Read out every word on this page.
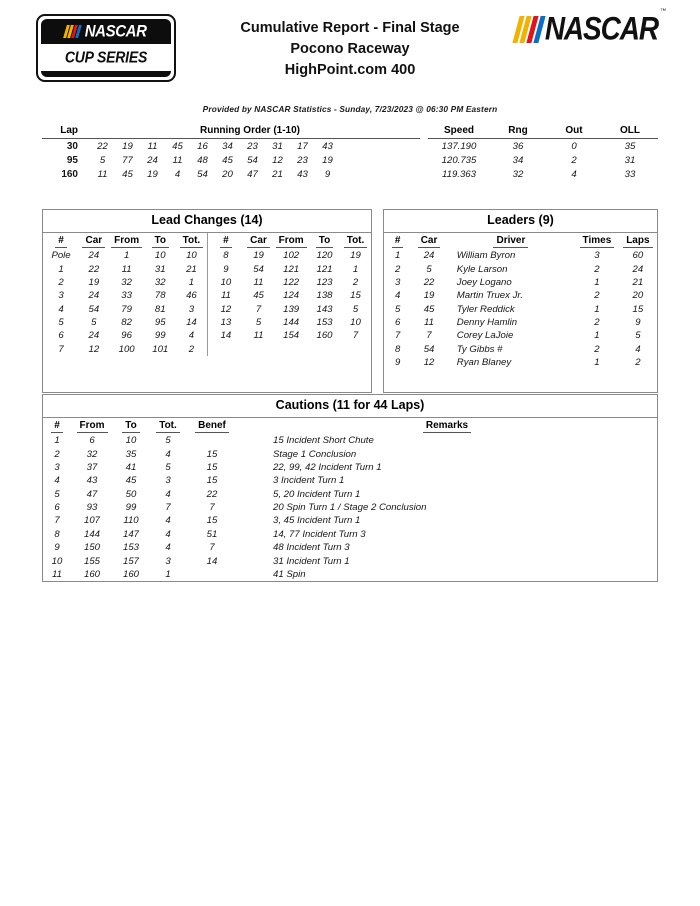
NASCAR
CUP SERIES
Cumulative Report - Final Stage
Pocono Raceway
HighPoint.com 400
NASCAR ™
Provided by NASCAR Statistics - Sunday, 7/23/2023 @ 06:30 PM Eastern
Lap	Running Order (1-10)		Speed	Rng	Out	OLL
30	22 19 11 45 16 34 23 31 17 43		137.190	36	0	35
95	5 77 24 11 48 45 54 12 23 19		120.735	34	2	31
160	11 45 19 4 54 20 47 21 43 9		119.363	32	4	33
Lead Changes (14)
#	Car	From	To	Tot.
Pole	24	1	10	10
1	22	11	31	21
2	19	32	32	1
3	24	33	78	46
4	54	79	81	3
5	5	82	95	14
6	24	96	99	4
7	12	100	101	2
#	Car	From	To	Tot.
8	19	102	120	19
9	54	121	121	1
10	11	122	123	2
11	45	124	138	15
12	7	139	143	5
13	5	144	153	10
14	11	154	160	7
Leaders (9)
#	Car	Driver	Times	Laps
1	24	William Byron	3	60
2	5	Kyle Larson	2	24
3	22	Joey Logano	1	21
4	19	Martin Truex Jr.	2	20
5	45	Tyler Reddick	1	15
6	11	Denny Hamlin	2	9
7	7	Corey LaJoie	1	5
8	54	Ty Gibbs #	2	4
9	12	Ryan Blaney	1	2
Cautions (11 for 44 Laps)
#	From	To	Tot.	Benef	Remarks
1	6	10	5		15 Incident Short Chute
2	32	35	4	15	Stage 1 Conclusion
3	37	41	5	15	22, 99, 42 Incident Turn 1
4	43	45	3	15	3 Incident Turn 1
5	47	50	4	22	5, 20 Incident Turn 1
6	93	99	7	7	20 Spin Turn 1 / Stage 2 Conclusion
7	107	110	4	15	3, 45 Incident Turn 1
8	144	147	4	51	14, 77 Incident Turn 3
9	150	153	4	7	48 Incident Turn 3
10	155	157	3	14	31 Incident Turn 1
11	160	160	1		41 Spin
